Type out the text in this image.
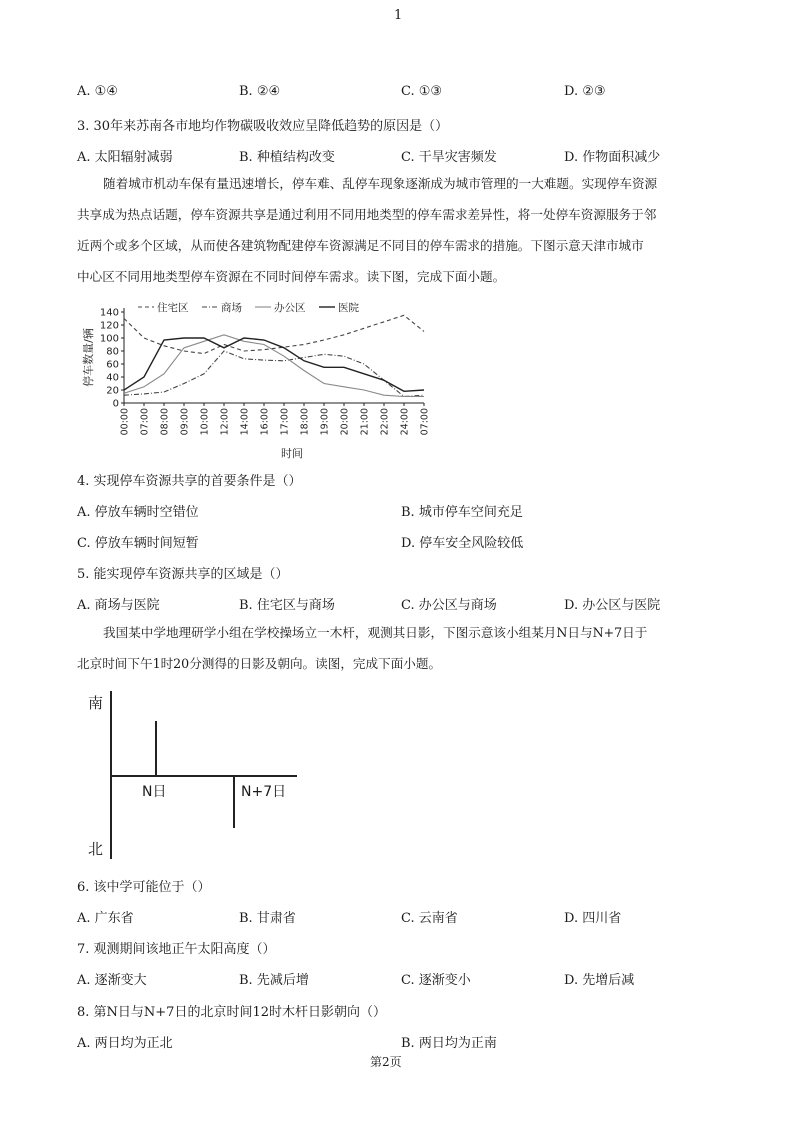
1
A. ①④	B. ②④	C. ①③	D. ②③
3. 30年来苏南各市地均作物碳吸收效应呈降低趋势的原因是（）
A. 太阳辐射减弱	B. 种植结构改变	C. 干旱灾害频发	D. 作物面积减少
随着城市机动车保有量迅速增长，停车难、乱停车现象逐渐成为城市管理的一大难题。实现停车资源
共享成为热点话题，停车资源共享是通过利用不同用地类型的停车需求差异性，将一处停车资源服务于邻
近两个或多个区域，从而使各建筑物配建停车资源满足不同目的停车需求的措施。下图示意天津市城市
中心区不同用地类型停车资源在不同时间停车需求。读下图，完成下面小题。
0
20
40
60
80
100
120
140
00:00 07:00 08:00 09:00 10:00 12:00 14:00 16:00 17:00 18:00 19:00 20:00 21:00 22:00 24:00 07:00
停车数量/辆
时间
住宅区	商场	办公区	医院
4. 实现停车资源共享的首要条件是（）
A. 停放车辆时空错位	B. 城市停车空间充足
C. 停放车辆时间短暂	D. 停车安全风险较低
5. 能实现停车资源共享的区域是（）
A. 商场与医院	B. 住宅区与商场	C. 办公区与商场	D. 办公区与医院
我国某中学地理研学小组在学校操场立一木杆，观测其日影，下图示意该小组某月N日与N+7日于
北京时间下午1时20分测得的日影及朝向。读图，完成下面小题。
南
北
N日	N+7日
6. 该中学可能位于（）
A. 广东省	B. 甘肃省	C. 云南省	D. 四川省
7. 观测期间该地正午太阳高度（）
A. 逐渐变大	B. 先减后增	C. 逐渐变小	D. 先增后减
8. 第N日与N+7日的北京时间12时木杆日影朝向（）
A. 两日均为正北	B. 两日均为正南
第2页
